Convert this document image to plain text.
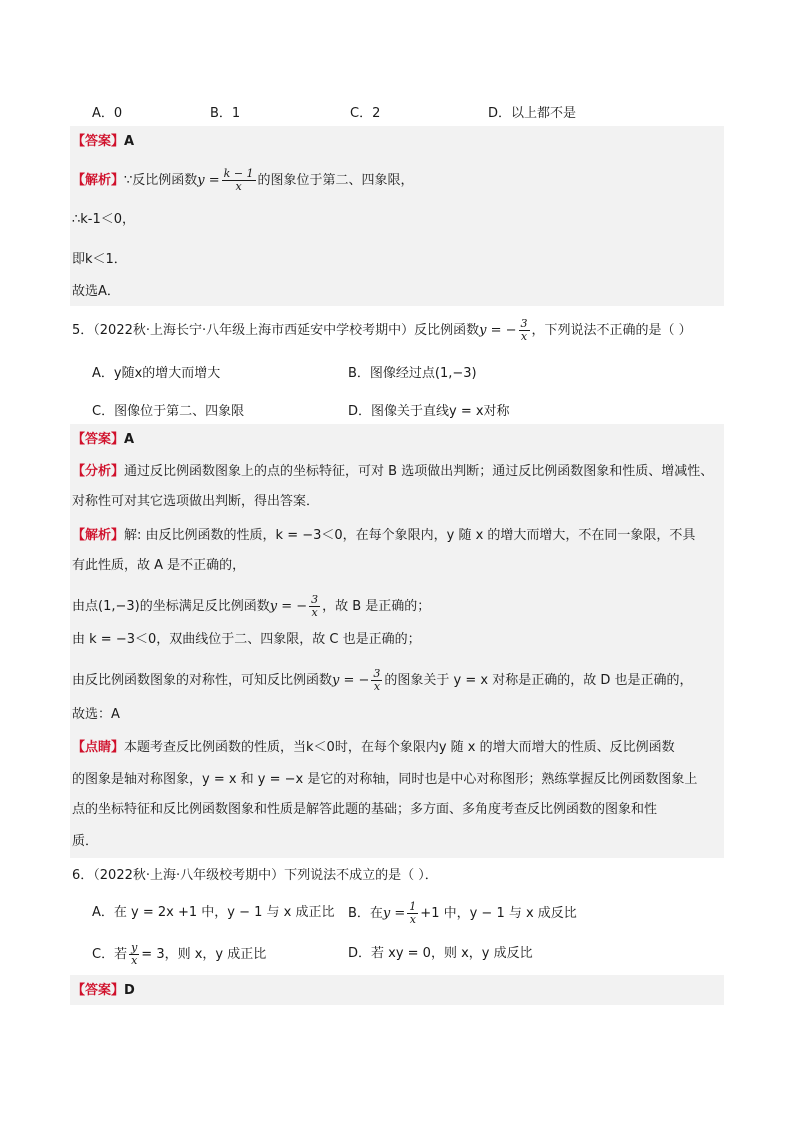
A．0	B．1	C．2	D．以上都不是
【答案】A
【解析】∵反比例函数$y = \frac{k - 1}{x}$ 的图象位于第二、四象限，
∴k-1＜0，
即k＜1．
故选A．
5．（2022秋·上海长宁·八年级上海市西延安中学校考期中）反比例函数y = − $\frac{3}{x}$ ，下列说法不正确的是（ ）
A．y随x的增大而增大	B．图像经过点(1,−3)
C．图像位于第二、四象限	D．图像关于直线y = x对称
【答案】A
【分析】通过反比例函数图象上的点的坐标特征，可对 B 选项做出判断；通过反比例函数图象和性质、增减性、
对称性可对其它选项做出判断，得出答案．
【解析】解: 由反比例函数的性质，k = −3＜0，在每个象限内，y 随 x 的增大而增大，不在同一象限，不具
有此性质，故 A 是不正确的，
由点(1,−3)的坐标满足反比例函数y = − $\frac{3}{x}$ ，故 B 是正确的；
由 k = −3＜0，双曲线位于二、四象限，故 C 也是正确的；
由反比例函数图象的对称性，可知反比例函数y = − $\frac{3}{x}$ 的图象关于 y = x 对称是正确的，故 D 也是正确的，
故选：A
【点睛】本题考查反比例函数的性质，当k＜0时，在每个象限内y 随 x 的增大而增大的性质、反比例函数
的图象是轴对称图象，y = x 和 y = −x 是它的对称轴，同时也是中心对称图形；熟练掌握反比例函数图象上
点的坐标特征和反比例函数图象和性质是解答此题的基础；多方面、多角度考查反比例函数的图象和性
质．
6．（2022秋·上海·八年级校考期中）下列说法不成立的是（ ）．
A．在 y = 2x +1 中，y − 1 与 x 成正比	B．在$y = \frac{1}{x} +1$ 中，y − 1 与 x 成反比
C．若 $\frac{y}{x} = 3$，则 x，y 成正比	D．若 xy = 0，则 x，y 成反比
【答案】D
